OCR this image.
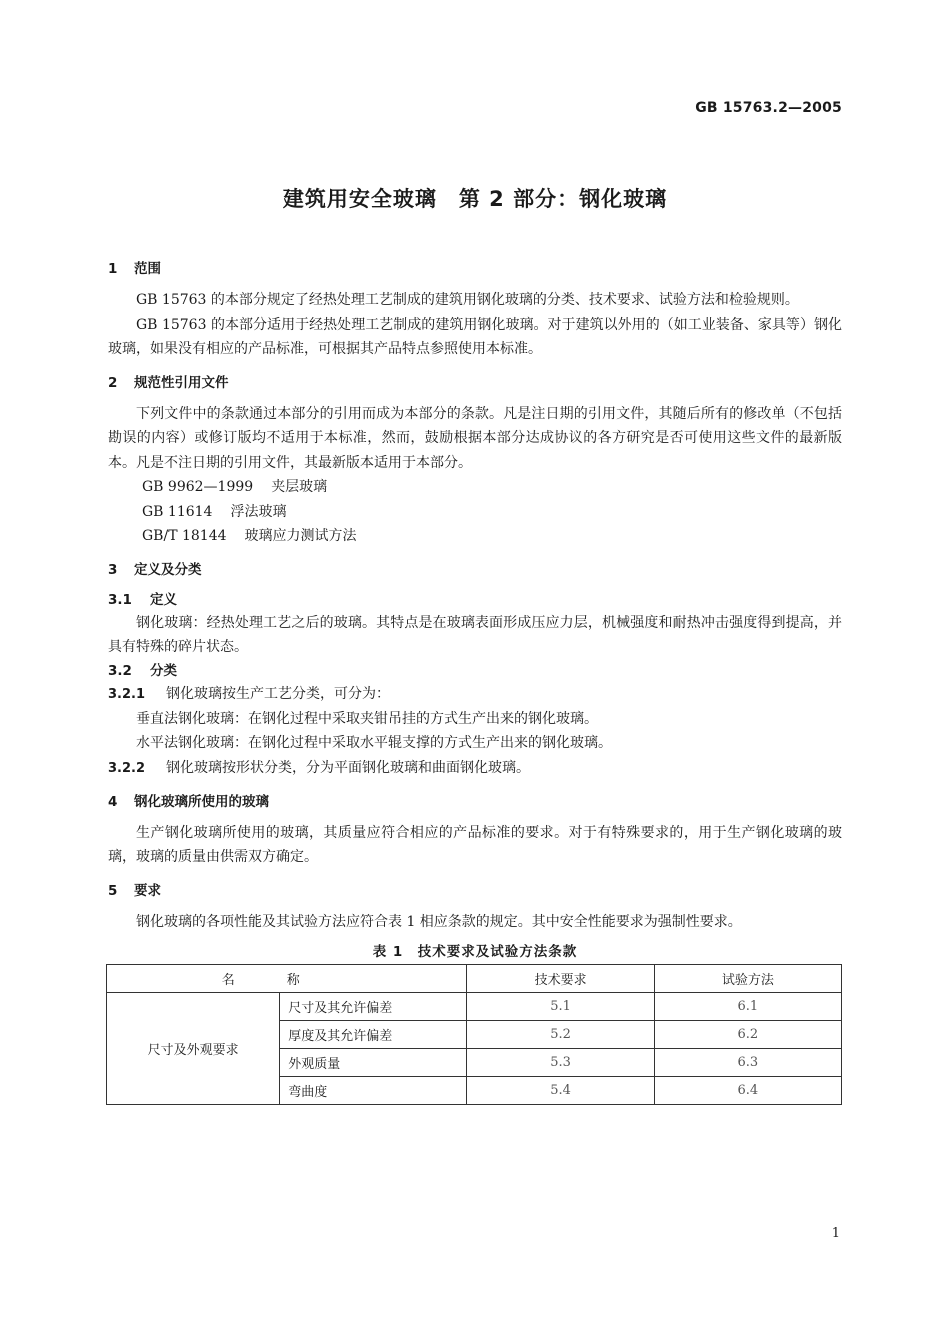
GB 15763.2—2005
建筑用安全玻璃　第 2 部分：钢化玻璃
1 范围

GB 15763 的本部分规定了经热处理工艺制成的建筑用钢化玻璃的分类、技术要求、试验方法和检验规则。

GB 15763 的本部分适用于经热处理工艺制成的建筑用钢化玻璃。对于建筑以外用的（如工业装备、家具等）钢化玻璃，如果没有相应的产品标准，可根据其产品特点参照使用本标准。

2 规范性引用文件

下列文件中的条款通过本部分的引用而成为本部分的条款。凡是注日期的引用文件，其随后所有的修改单（不包括勘误的内容）或修订版均不适用于本标准，然而，鼓励根据本部分达成协议的各方研究是否可使用这些文件的最新版本。凡是不注日期的引用文件，其最新版本适用于本部分。

GB 9962—1999 夹层玻璃
GB 11614 浮法玻璃
GB/T 18144 玻璃应力测试方法
3 定义及分类
3.1 定义

钢化玻璃：经热处理工艺之后的玻璃。其特点是在玻璃表面形成压应力层，机械强度和耐热冲击强度得到提高，并具有特殊的碎片状态。

3.2 分类
3.2.1 钢化玻璃按生产工艺分类，可分为：

垂直法钢化玻璃：在钢化过程中采取夹钳吊挂的方式生产出来的钢化玻璃。

水平法钢化玻璃：在钢化过程中采取水平辊支撑的方式生产出来的钢化玻璃。

3.2.2 钢化玻璃按形状分类，分为平面钢化玻璃和曲面钢化玻璃。
4 钢化玻璃所使用的玻璃

生产钢化玻璃所使用的玻璃，其质量应符合相应的产品标准的要求。对于有特殊要求的，用于生产钢化玻璃的玻璃，玻璃的质量由供需双方确定。

5 要求

钢化玻璃的各项性能及其试验方法应符合表 1 相应条款的规定。其中安全性能要求为强制性要求。

表 1　技术要求及试验方法条款
名称		技术要求	试验方法
尺寸及外观要求	尺寸及其允许偏差	5.1	6.1
	厚度及其允许偏差	5.2	6.2
	外观质量	5.3	6.3
	弯曲度	5.4	6.4
1
